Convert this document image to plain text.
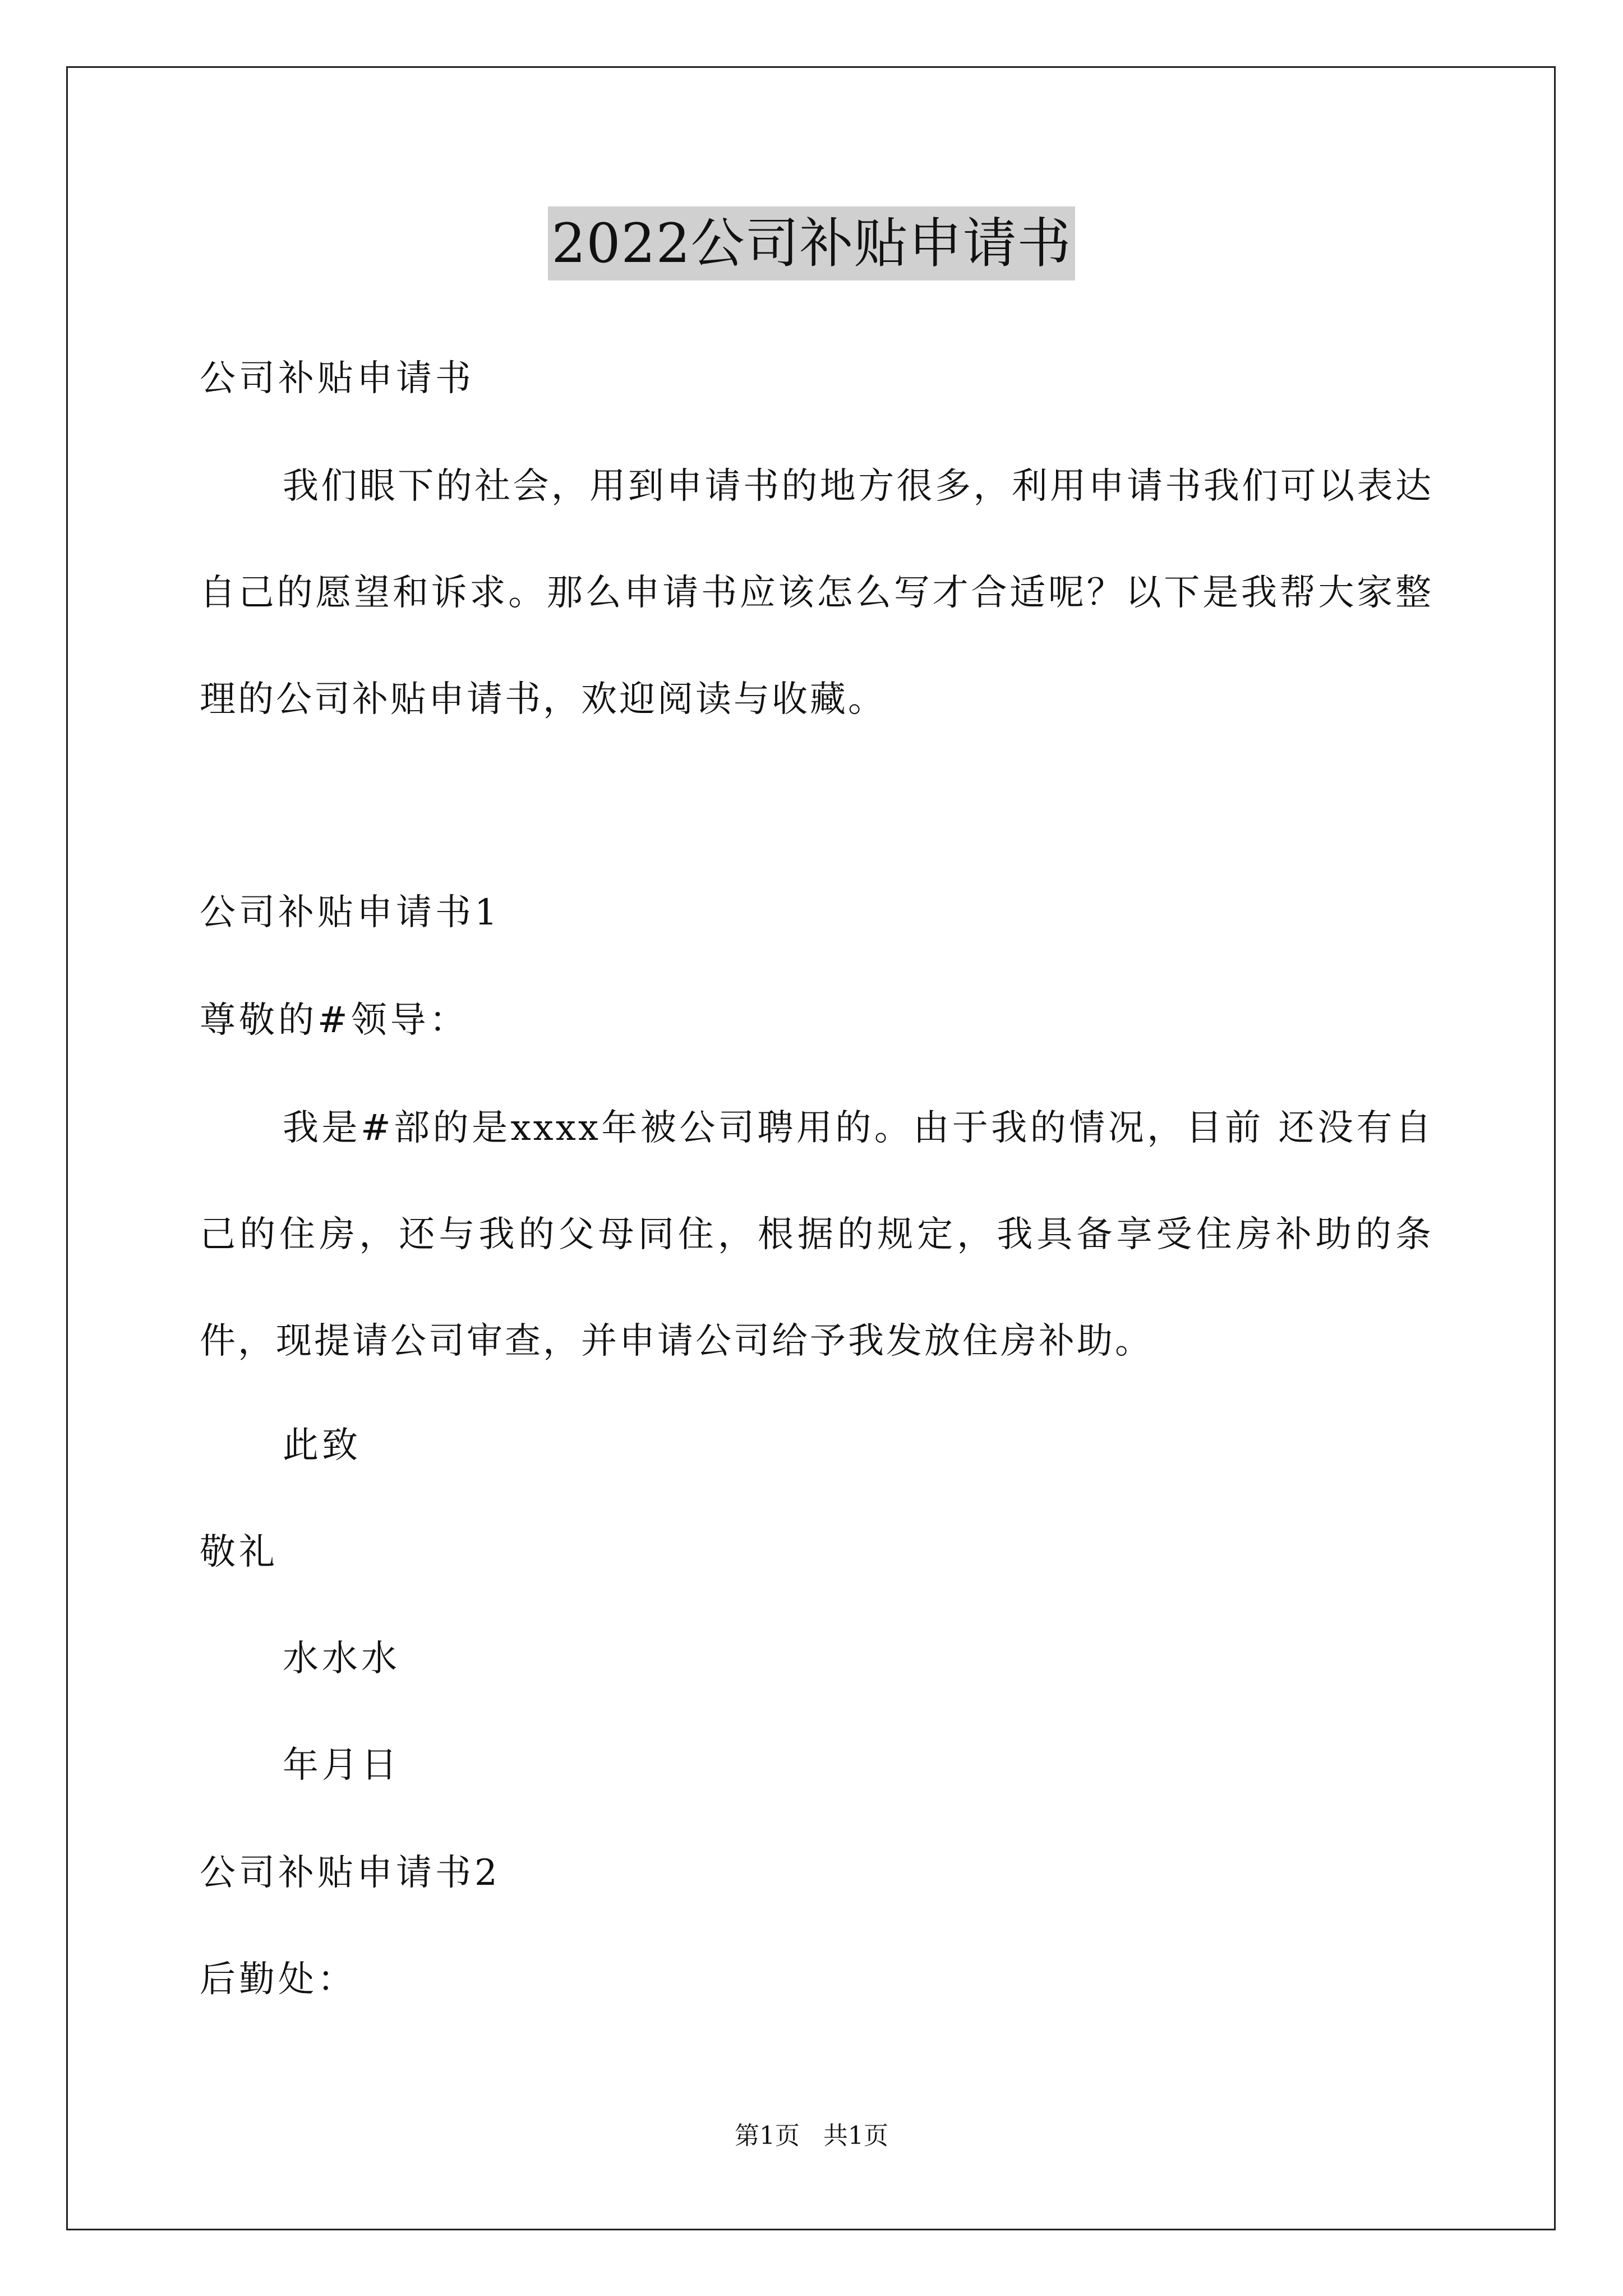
2022公司补贴申请书
公司补贴申请书
我们眼下的社会，用到申请书的地方很多，利用申请书我们可以表达自己的愿望和诉求。那么申请书应该怎么写才合适呢？以下是我帮大家整理的公司补贴申请书，欢迎阅读与收藏。
公司补贴申请书1
尊敬的#领导：
我是#部的是xxxx年被公司聘用的。由于我的情况，目前 还没有自己的住房，还与我的父母同住，根据的规定，我具备享受住房补助的条件，现提请公司审查，并申请公司给予我发放住房补助。
此致
敬礼
水水水
年月日
公司补贴申请书2
后勤处：
第1页   共1页
